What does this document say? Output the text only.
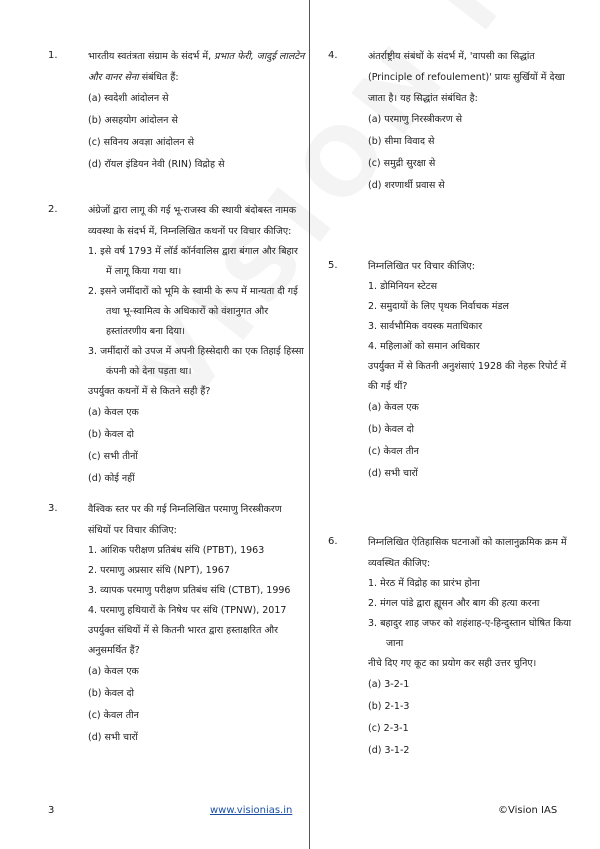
1.	भारतीय स्वतंत्रता संग्राम के संदर्भ में, प्रभात फेरी, जादुई लालटेन और वानर सेना संबंधित हैं:
(a) स्वदेशी आंदोलन से
(b) असहयोग आंदोलन से
(c) सविनय अवज्ञा आंदोलन से
(d) रॉयल इंडियन नेवी (RIN) विद्रोह से
2.	अंग्रेजों द्वारा लागू की गई भू-राजस्व की स्थायी बंदोबस्त नामक व्यवस्था के संदर्भ में, निम्नलिखित कथनों पर विचार कीजिए:
1. इसे वर्ष 1793 में लॉर्ड कॉर्नवालिस द्वारा बंगाल और बिहार में लागू किया गया था।
2. इसने जमींदारों को भूमि के स्वामी के रूप में मान्यता दी गई तथा भू-स्वामित्व के अधिकारों को वंशानुगत और हस्तांतरणीय बना दिया।
3. जमींदारों को उपज में अपनी हिस्सेदारी का एक तिहाई हिस्सा कंपनी को देना पड़ता था।
उपर्युक्त कथनों में से कितने सही हैं?
(a) केवल एक
(b) केवल दो
(c) सभी तीनों
(d) कोई नहीं
3.	वैश्विक स्तर पर की गई निम्नलिखित परमाणु निरस्त्रीकरण संधियों पर विचार कीजिए:
1. आंशिक परीक्षण प्रतिबंध संधि (PTBT), 1963
2. परमाणु अप्रसार संधि (NPT), 1967
3. व्यापक परमाणु परीक्षण प्रतिबंध संधि (CTBT), 1996
4. परमाणु हथियारों के निषेध पर संधि (TPNW), 2017
उपर्युक्त संधियों में से कितनी भारत द्वारा हस्ताक्षरित और अनुसमर्थित हैं?
(a) केवल एक
(b) केवल दो
(c) केवल तीन
(d) सभी चारों
4.	अंतर्राष्ट्रीय संबंधों के संदर्भ में, 'वापसी का सिद्धांत (Principle of refoulement)' प्रायः सुर्खियों में देखा जाता है। यह सिद्धांत संबंधित है:
(a) परमाणु निरस्त्रीकरण से
(b) सीमा विवाद से
(c) समुद्री सुरक्षा से
(d) शरणार्थी प्रवास से
5.	निम्नलिखित पर विचार कीजिए:
1. डोमिनियन स्टेटस
2. समुदायों के लिए पृथक निर्वाचक मंडल
3. सार्वभौमिक वयस्क मताधिकार
4. महिलाओं को समान अधिकार
उपर्युक्त में से कितनी अनुशंसाएं 1928 की नेहरू रिपोर्ट में की गई थीं?
(a) केवल एक
(b) केवल दो
(c) केवल तीन
(d) सभी चारों
6.	निम्नलिखित ऐतिहासिक घटनाओं को कालानुक्रमिक क्रम में व्यवस्थित कीजिए:
1. मेरठ में विद्रोह का प्रारंभ होना
2. मंगल पांडे द्वारा ह्यूसन और बाग की हत्या करना
3. बहादुर शाह जफर को शहंशाह-ए-हिन्दुस्तान घोषित किया जाना
नीचे दिए गए कूट का प्रयोग कर सही उत्तर चुनिए।
(a) 3-2-1
(b) 2-1-3
(c) 2-3-1
(d) 3-1-2
3	www.visionias.in	©Vision IAS
